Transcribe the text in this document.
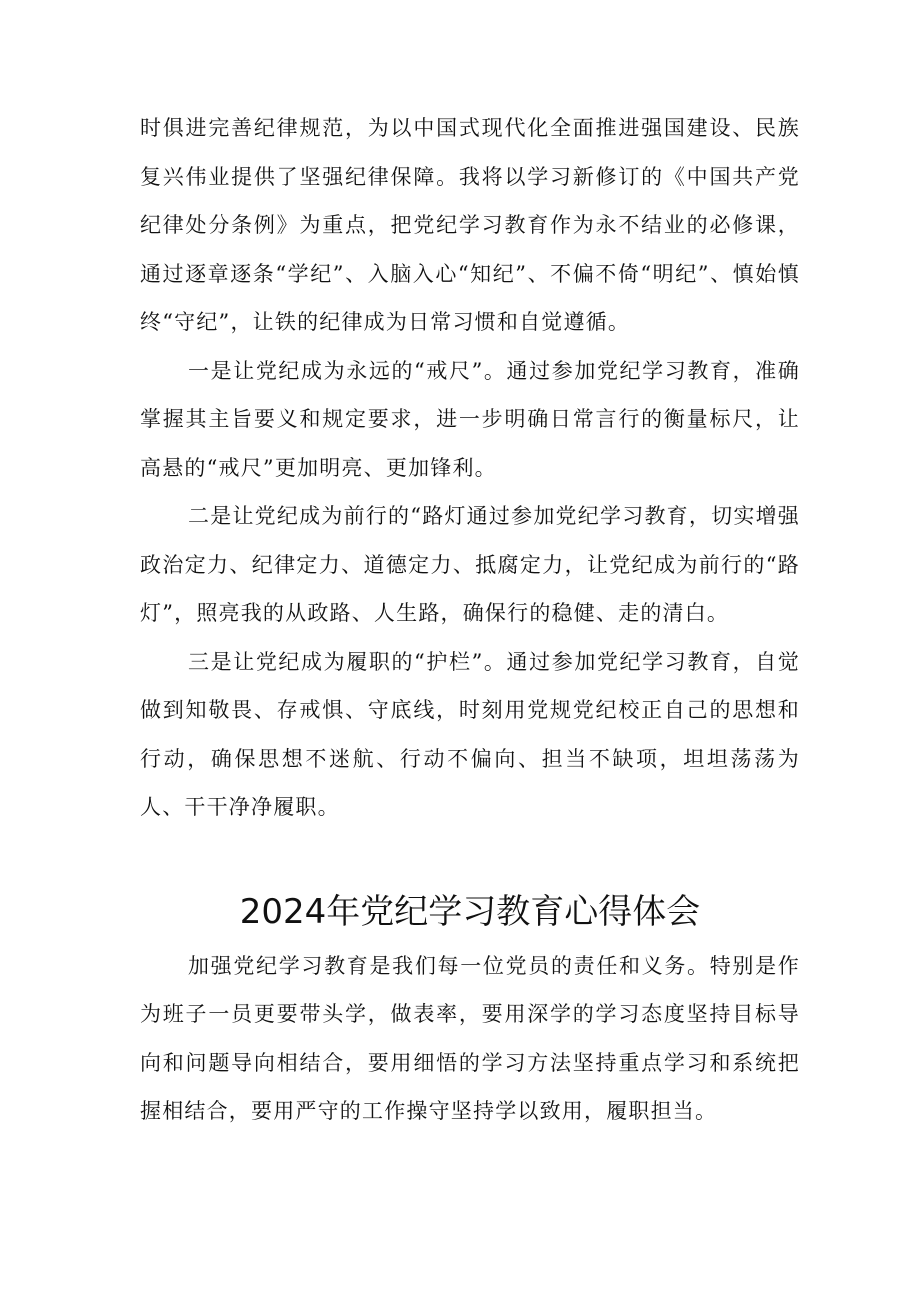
时俱进完善纪律规范，为以中国式现代化全面推进强国建设、民族复兴伟业提供了坚强纪律保障。我将以学习新修订的《中国共产党纪律处分条例》为重点，把党纪学习教育作为永不结业的必修课，通过逐章逐条“学纪”、入脑入心“知纪”、不偏不倚“明纪”、慎始慎终“守纪”，让铁的纪律成为日常习惯和自觉遵循。

一是让党纪成为永远的“戒尺”。通过参加党纪学习教育，准确掌握其主旨要义和规定要求，进一步明确日常言行的衡量标尺，让高悬的“戒尺”更加明亮、更加锋利。

二是让党纪成为前行的“路灯通过参加党纪学习教育，切实增强政治定力、纪律定力、道德定力、抵腐定力，让党纪成为前行的“路灯”，照亮我的从政路、人生路，确保行的稳健、走的清白。

三是让党纪成为履职的“护栏”。通过参加党纪学习教育，自觉做到知敬畏、存戒惧、守底线，时刻用党规党纪校正自己的思想和行动，确保思想不迷航、行动不偏向、担当不缺项，坦坦荡荡为人、干干净净履职。

2024年党纪学习教育心得体会

加强党纪学习教育是我们每一位党员的责任和义务。特别是作为班子一员更要带头学，做表率，要用深学的学习态度坚持目标导向和问题导向相结合，要用细悟的学习方法坚持重点学习和系统把握相结合，要用严守的工作操守坚持学以致用，履职担当。
